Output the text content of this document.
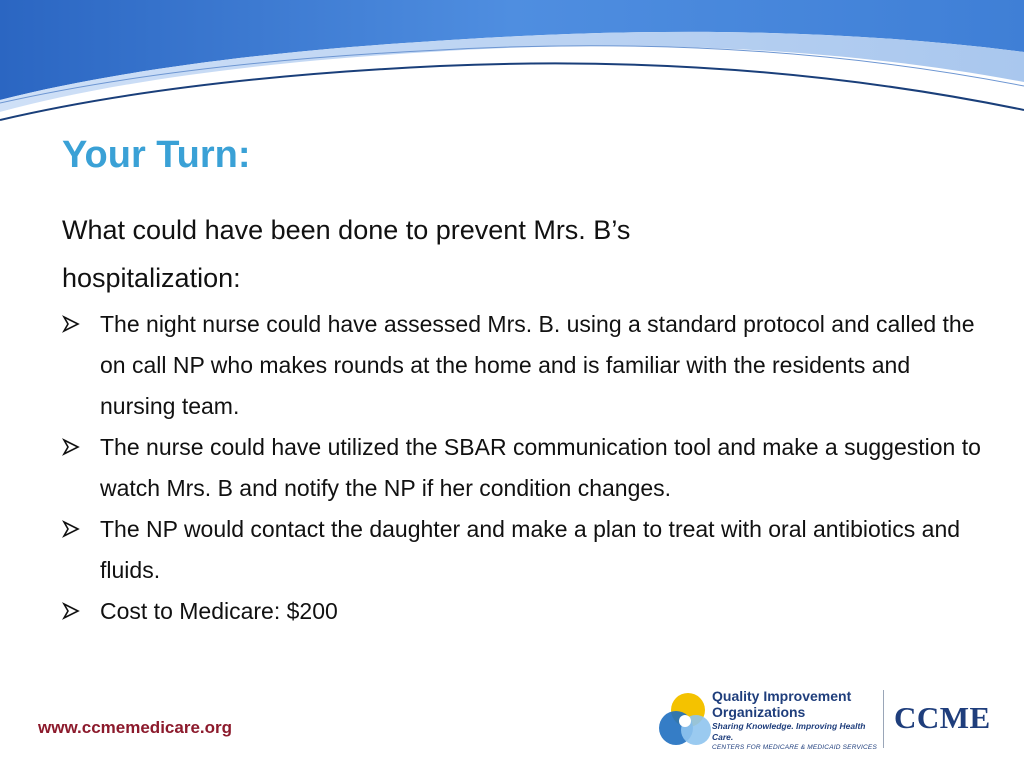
Your Turn:

What could have been done to prevent Mrs. B’s
hospitalization:

The night nurse could have assessed Mrs. B. using a standard protocol and called the on call NP who makes rounds at the home and is familiar with the residents and nursing team.
The nurse could have utilized the SBAR communication tool and make a suggestion to watch Mrs. B and notify the NP if her condition changes.
The NP would contact the daughter and make a plan to treat with oral antibiotics and fluids.
Cost to Medicare: $200
www.ccmemedicare.org
Quality Improvement
Organizations
Sharing Knowledge. Improving Health Care.
CENTERS FOR MEDICARE & MEDICAID SERVICES
CCME
